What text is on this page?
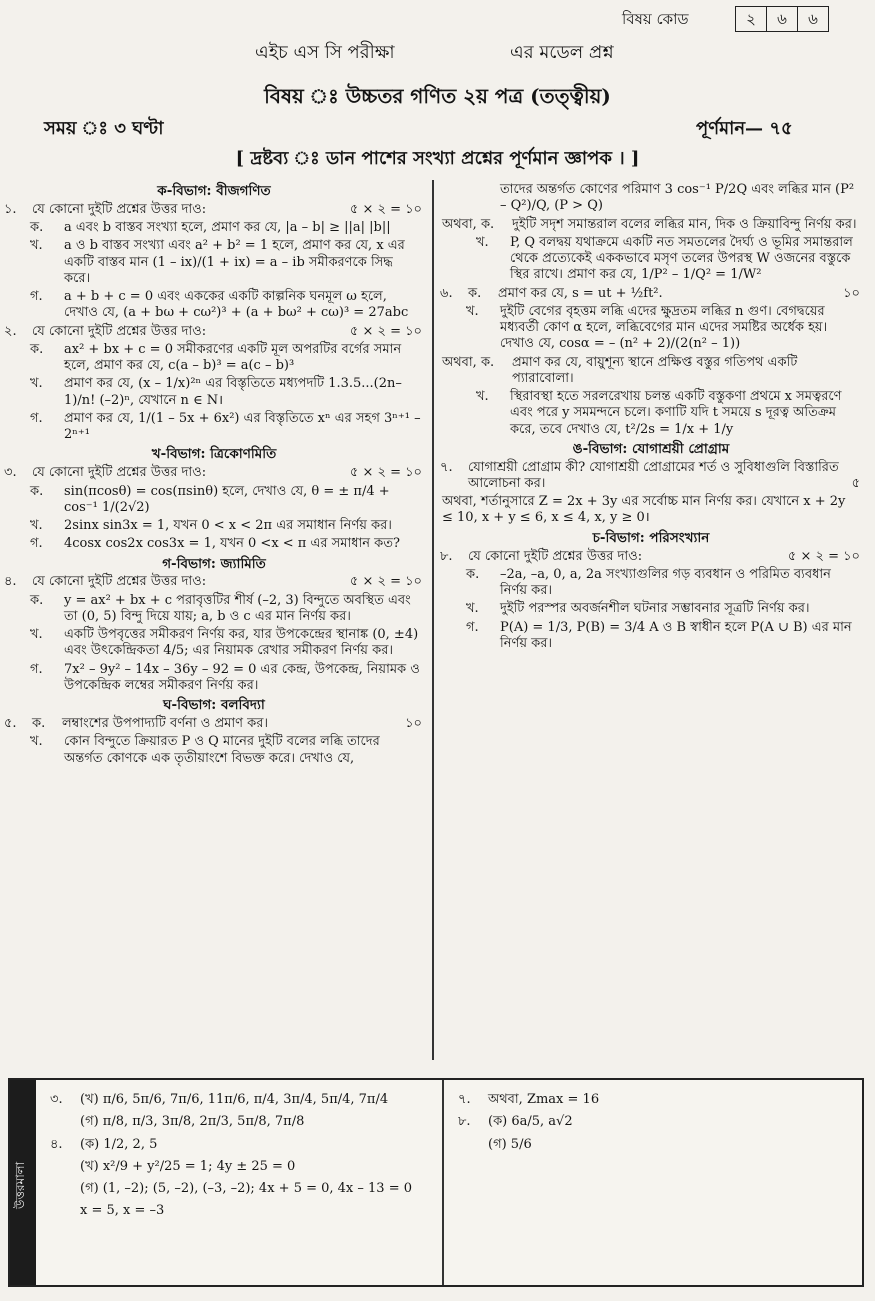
বিষয় কোড	২	৬	৬
এইচ এস সি পরীক্ষা	এর মডেল প্রশ্ন
বিষয় ঃ উচ্চতর গণিত ২য় পত্র (তত্ত্বীয়)
সময় ঃ ৩ ঘণ্টা	পূর্ণমান— ৭৫
[ দ্রষ্টব্য ঃ ডান পাশের সংখ্যা প্রশ্নের পূর্ণমান জ্ঞাপক । ]
ক-বিভাগ: বীজগণিত
১.	যে কোনো দুইটি প্রশ্নের উত্তর দাও:	৫ × ২ = ১০
ক.	a এবং b বাস্তব সংখ্যা হলে, প্রমাণ কর যে, |a – b| ≥ ||a| |b||
খ.	a ও b বাস্তব সংখ্যা এবং a² + b² = 1 হলে, প্রমাণ কর যে, x এর একটি বাস্তব মান (1 – ix)/(1 + ix) = a – ib সমীকরণকে সিদ্ধ করে।
গ.	a + b + c = 0 এবং এককের একটি কাল্পনিক ঘনমূল ω হলে, দেখাও যে, (a + bω + cω²)³ + (a + bω² + cω)³ = 27abc
২.	যে কোনো দুইটি প্রশ্নের উত্তর দাও:	৫ × ২ = ১০
ক.	ax² + bx + c = 0 সমীকরণের একটি মূল অপরটির বর্গের সমান হলে, প্রমাণ কর যে, c(a – b)³ = a(c – b)³
খ.	প্রমাণ কর যে, (x – 1/x)²ⁿ এর বিস্তৃতিতে মধ্যপদটি 1.3.5...(2n–1)/n! (–2)ⁿ, যেখানে n ∈ N।
গ.	প্রমাণ কর যে, 1/(1 – 5x + 6x²) এর বিস্তৃতিতে xⁿ এর সহগ 3ⁿ⁺¹ – 2ⁿ⁺¹
খ-বিভাগ: ত্রিকোণমিতি
৩.	যে কোনো দুইটি প্রশ্নের উত্তর দাও:	৫ × ২ = ১০
ক.	sin(πcosθ) = cos(πsinθ) হলে, দেখাও যে, θ = ± π/4 + cos⁻¹ 1/(2√2)
খ.	2sinx sin3x = 1, যখন 0 < x < 2π এর সমাধান নির্ণয় কর।
গ.	4cosx cos2x cos3x = 1, যখন 0 <x < π এর সমাধান কত?
গ-বিভাগ: জ্যামিতি
৪.	যে কোনো দুইটি প্রশ্নের উত্তর দাও:	৫ × ২ = ১০
ক.	y = ax² + bx + c পরাবৃত্তটির শীর্ষ (–2, 3) বিন্দুতে অবস্থিত এবং তা (0, 5) বিন্দু দিয়ে যায়; a, b ও c এর মান নির্ণয় কর।
খ.	একটি উপবৃত্তের সমীকরণ নির্ণয় কর, যার উপকেন্দ্রের স্থানাঙ্ক (0, ±4) এবং উৎকেন্দ্রিকতা 4/5; এর নিয়ামক রেখার সমীকরণ নির্ণয় কর।
গ.	7x² – 9y² – 14x – 36y – 92 = 0 এর কেন্দ্র, উপকেন্দ্র, নিয়ামক ও উপকেন্দ্রিক লম্বের সমীকরণ নির্ণয় কর।
ঘ-বিভাগ: বলবিদ্যা
৫.	ক.	লম্বাংশের উপপাদ্যটি বর্ণনা ও প্রমাণ কর।	১০
খ.	কোন বিন্দুতে ক্রিয়ারত P ও Q মানের দুইটি বলের লব্ধি তাদের অন্তর্গত কোণকে এক তৃতীয়াংশে বিভক্ত করে। দেখাও যে,
তাদের অন্তর্গত কোণের পরিমাণ 3 cos⁻¹ P/2Q এবং লব্ধির মান (P² – Q²)/Q, (P > Q)
অথবা, ক.	দুইটি সদৃশ সমান্তরাল বলের লব্ধির মান, দিক ও ক্রিয়াবিন্দু নির্ণয় কর।
খ.	P, Q বলদ্বয় যথাক্রমে একটি নত সমতলের দৈর্ঘ্য ও ভূমির সমান্তরাল থেকে প্রত্যেকেই এককভাবে মসৃণ তলের উপরস্থ W ওজনের বস্তুকে স্থির রাখে। প্রমাণ কর যে, 1/P² – 1/Q² = 1/W²
৬.	ক.	প্রমাণ কর যে, s = ut + ½ft².	১০
খ.	দুইটি বেগের বৃহত্তম লব্ধি এদের ক্ষুদ্রতম লব্ধির n গুণ। বেগদ্বয়ের মধ্যবর্তী কোণ α হলে, লব্ধিবেগের মান এদের সমষ্টির অর্ধেক হয়। দেখাও যে, cosα = – (n² + 2)/(2(n² – 1))
অথবা, ক.	প্রমাণ কর যে, বায়ুশূন্য স্থানে প্রক্ষিপ্ত বস্তুর গতিপথ একটি প্যারাবোলা।
খ.	স্থিরাবস্থা হতে সরলরেখায় চলন্ত একটি বস্তুকণা প্রথমে x সমত্বরণে এবং পরে y সমমন্দনে চলে। কণাটি যদি t সময়ে s দূরত্ব অতিক্রম করে, তবে দেখাও যে, t²/2s = 1/x + 1/y
ঙ-বিভাগ: যোগাশ্রয়ী প্রোগ্রাম
৭.	যোগাশ্রয়ী প্রোগ্রাম কী? যোগাশ্রয়ী প্রোগ্রামের শর্ত ও সুবিধাগুলি বিস্তারিত আলোচনা কর।	৫
অথবা, শর্তানুসারে Z = 2x + 3y এর সর্বোচ্চ মান নির্ণয় কর। যেখানে x + 2y ≤ 10, x + y ≤ 6, x ≤ 4, x, y ≥ 0।
চ-বিভাগ: পরিসংখ্যান
৮.	যে কোনো দুইটি প্রশ্নের উত্তর দাও:	৫ × ২ = ১০
ক.	–2a, –a, 0, a, 2a সংখ্যাগুলির গড় ব্যবধান ও পরিমিত ব্যবধান নির্ণয় কর।
খ.	দুইটি পরস্পর অবর্জনশীল ঘটনার সম্ভাবনার সূত্রটি নির্ণয় কর।
গ.	P(A) = 1/3, P(B) = 3/4 A ও B স্বাধীন হলে P(A ∪ B) এর মান নির্ণয় কর।
উত্তরমালা
৩.	(খ) π/6, 5π/6, 7π/6, 11π/6, π/4, 3π/4, 5π/4, 7π/4
(গ) π/8, π/3, 3π/8, 2π/3, 5π/8, 7π/8
৪.	(ক) 1/2, 2, 5
(খ) x²/9 + y²/25 = 1; 4y ± 25 = 0
(গ) (1, –2); (5, –2), (–3, –2); 4x + 5 = 0, 4x – 13 = 0
x = 5, x = –3
৭.	অথবা, Zmax = 16
৮.	(ক) 6a/5, a√2
(গ) 5/6
